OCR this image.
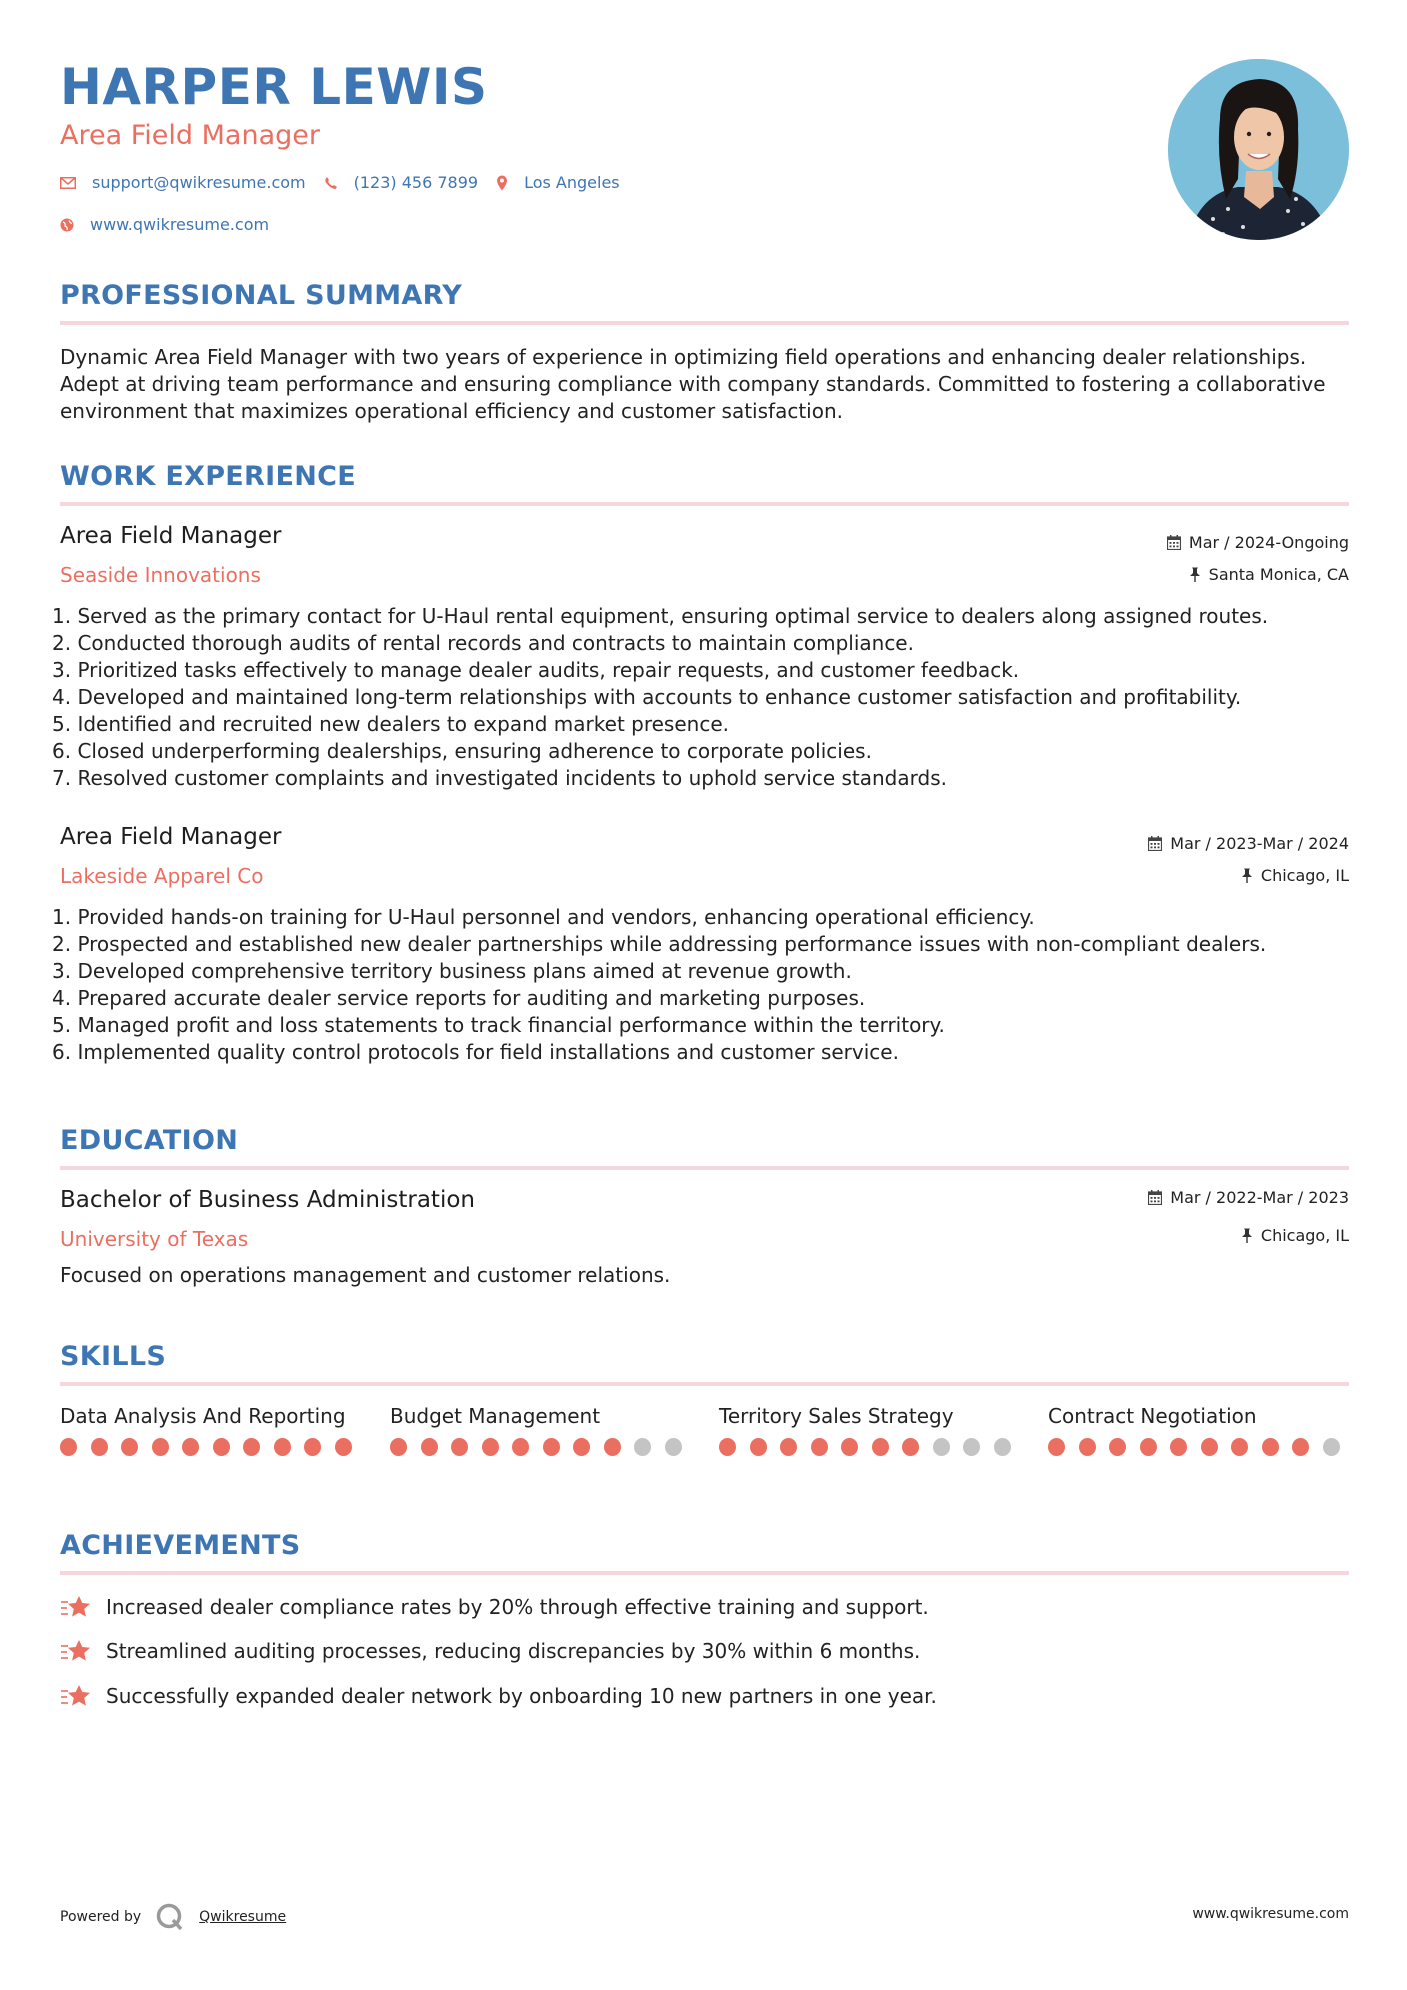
HARPER LEWIS
Area Field Manager
support@qwikresume.com	(123) 456 7899	Los Angeles
www.qwikresume.com
PROFESSIONAL SUMMARY
Dynamic Area Field Manager with two years of experience in optimizing field operations and enhancing dealer relationships. Adept at driving team performance and ensuring compliance with company standards. Committed to fostering a collaborative environment that maximizes operational efficiency and customer satisfaction.
WORK EXPERIENCE
Area Field Manager
Seaside Innovations
Mar / 2024-Ongoing
Santa Monica, CA
1. Served as the primary contact for U-Haul rental equipment, ensuring optimal service to dealers along assigned routes.
2. Conducted thorough audits of rental records and contracts to maintain compliance.
3. Prioritized tasks effectively to manage dealer audits, repair requests, and customer feedback.
4. Developed and maintained long-term relationships with accounts to enhance customer satisfaction and profitability.
5. Identified and recruited new dealers to expand market presence.
6. Closed underperforming dealerships, ensuring adherence to corporate policies.
7. Resolved customer complaints and investigated incidents to uphold service standards.
Area Field Manager
Lakeside Apparel Co
Mar / 2023-Mar / 2024
Chicago, IL
1. Provided hands-on training for U-Haul personnel and vendors, enhancing operational efficiency.
2. Prospected and established new dealer partnerships while addressing performance issues with non-compliant dealers.
3. Developed comprehensive territory business plans aimed at revenue growth.
4. Prepared accurate dealer service reports for auditing and marketing purposes.
5. Managed profit and loss statements to track financial performance within the territory.
6. Implemented quality control protocols for field installations and customer service.
EDUCATION
Bachelor of Business Administration
University of Texas
Mar / 2022-Mar / 2023
Chicago, IL
Focused on operations management and customer relations.
SKILLS
Data Analysis And Reporting	Budget Management	Territory Sales Strategy	Contract Negotiation
ACHIEVEMENTS
Increased dealer compliance rates by 20% through effective training and support.
Streamlined auditing processes, reducing discrepancies by 30% within 6 months.
Successfully expanded dealer network by onboarding 10 new partners in one year.
Powered by	Qwikresume	www.qwikresume.com
